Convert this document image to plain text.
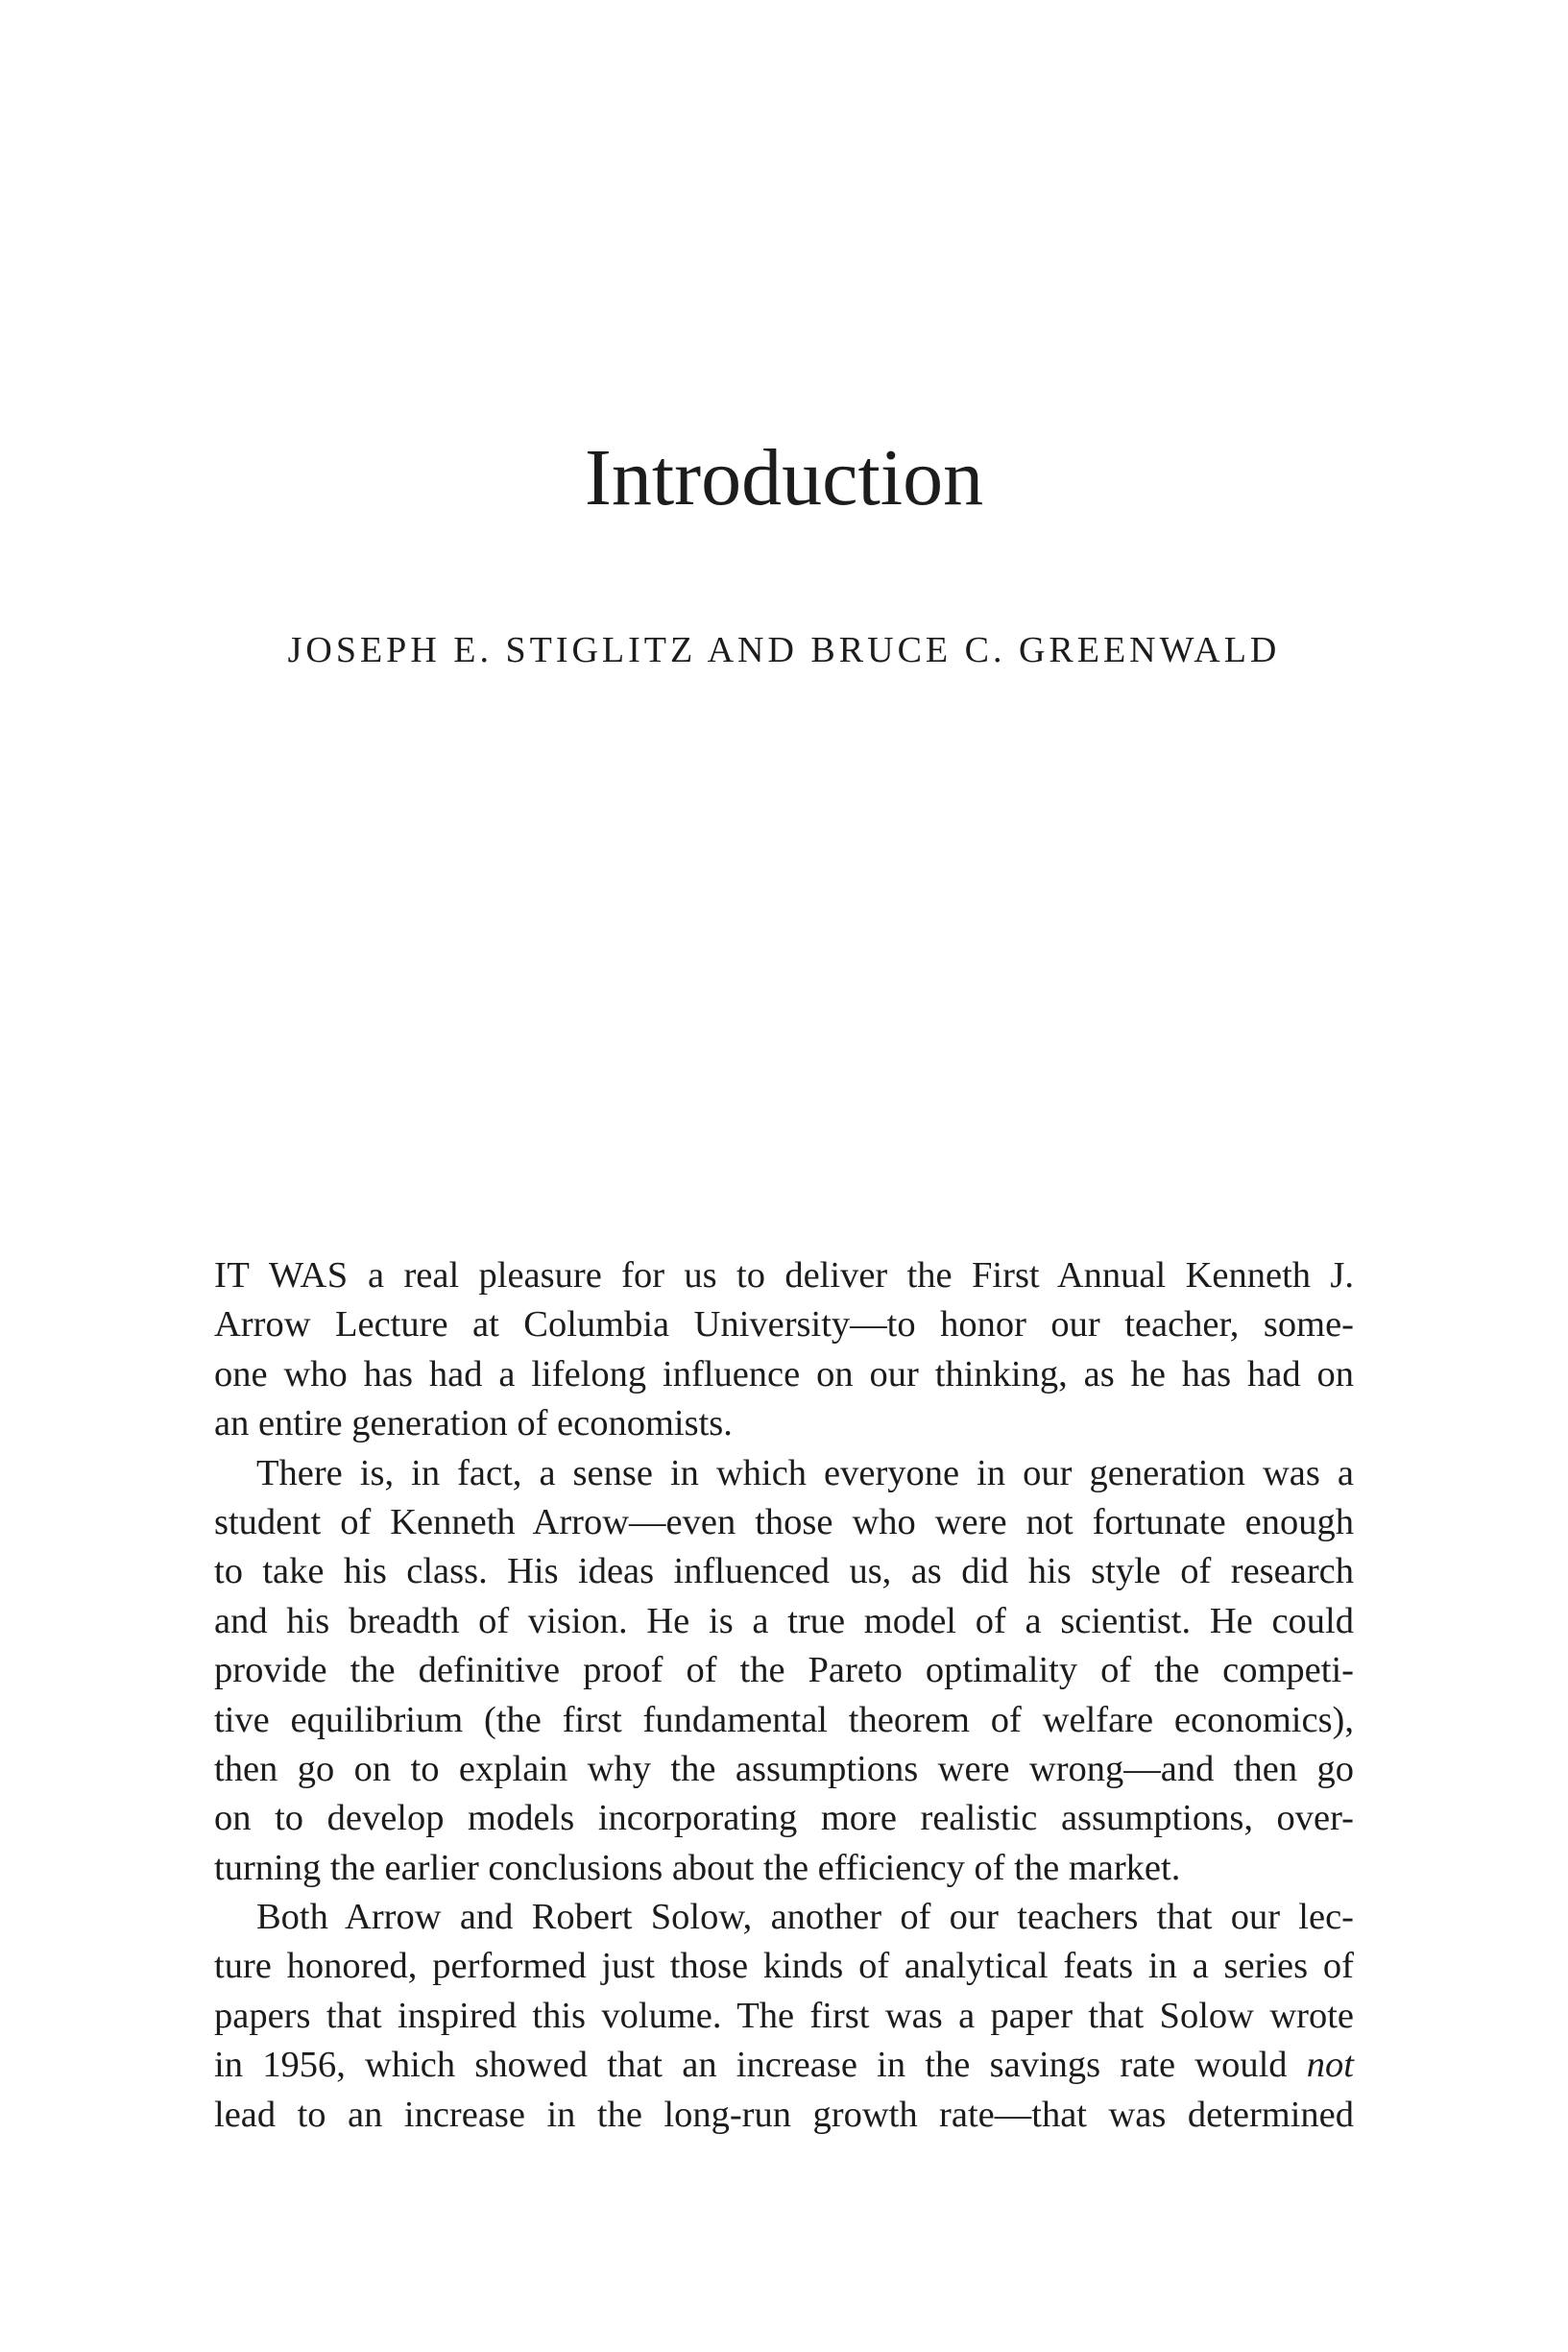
Introduction
JOSEPH E. STIGLITZ AND BRUCE C. GREENWALD
IT WAS a real pleasure for us to deliver the First Annual Kenneth J.
Arrow Lecture at Columbia University—to honor our teacher, some-
one who has had a lifelong influence on our thinking, as he has had on
an entire generation of economists.
There is, in fact, a sense in which everyone in our generation was a
student of Kenneth Arrow—even those who were not fortunate enough
to take his class. His ideas influenced us, as did his style of research
and his breadth of vision. He is a true model of a scientist. He could
provide the definitive proof of the Pareto optimality of the competi-
tive equilibrium (the first fundamental theorem of welfare economics),
then go on to explain why the assumptions were wrong—and then go
on to develop models incorporating more realistic assumptions, over-
turning the earlier conclusions about the efficiency of the market.
Both Arrow and Robert Solow, another of our teachers that our lec-
ture honored, performed just those kinds of analytical feats in a series of
papers that inspired this volume. The first was a paper that Solow wrote
in 1956, which showed that an increase in the savings rate would not
lead to an increase in the long-run growth rate—that was determined
